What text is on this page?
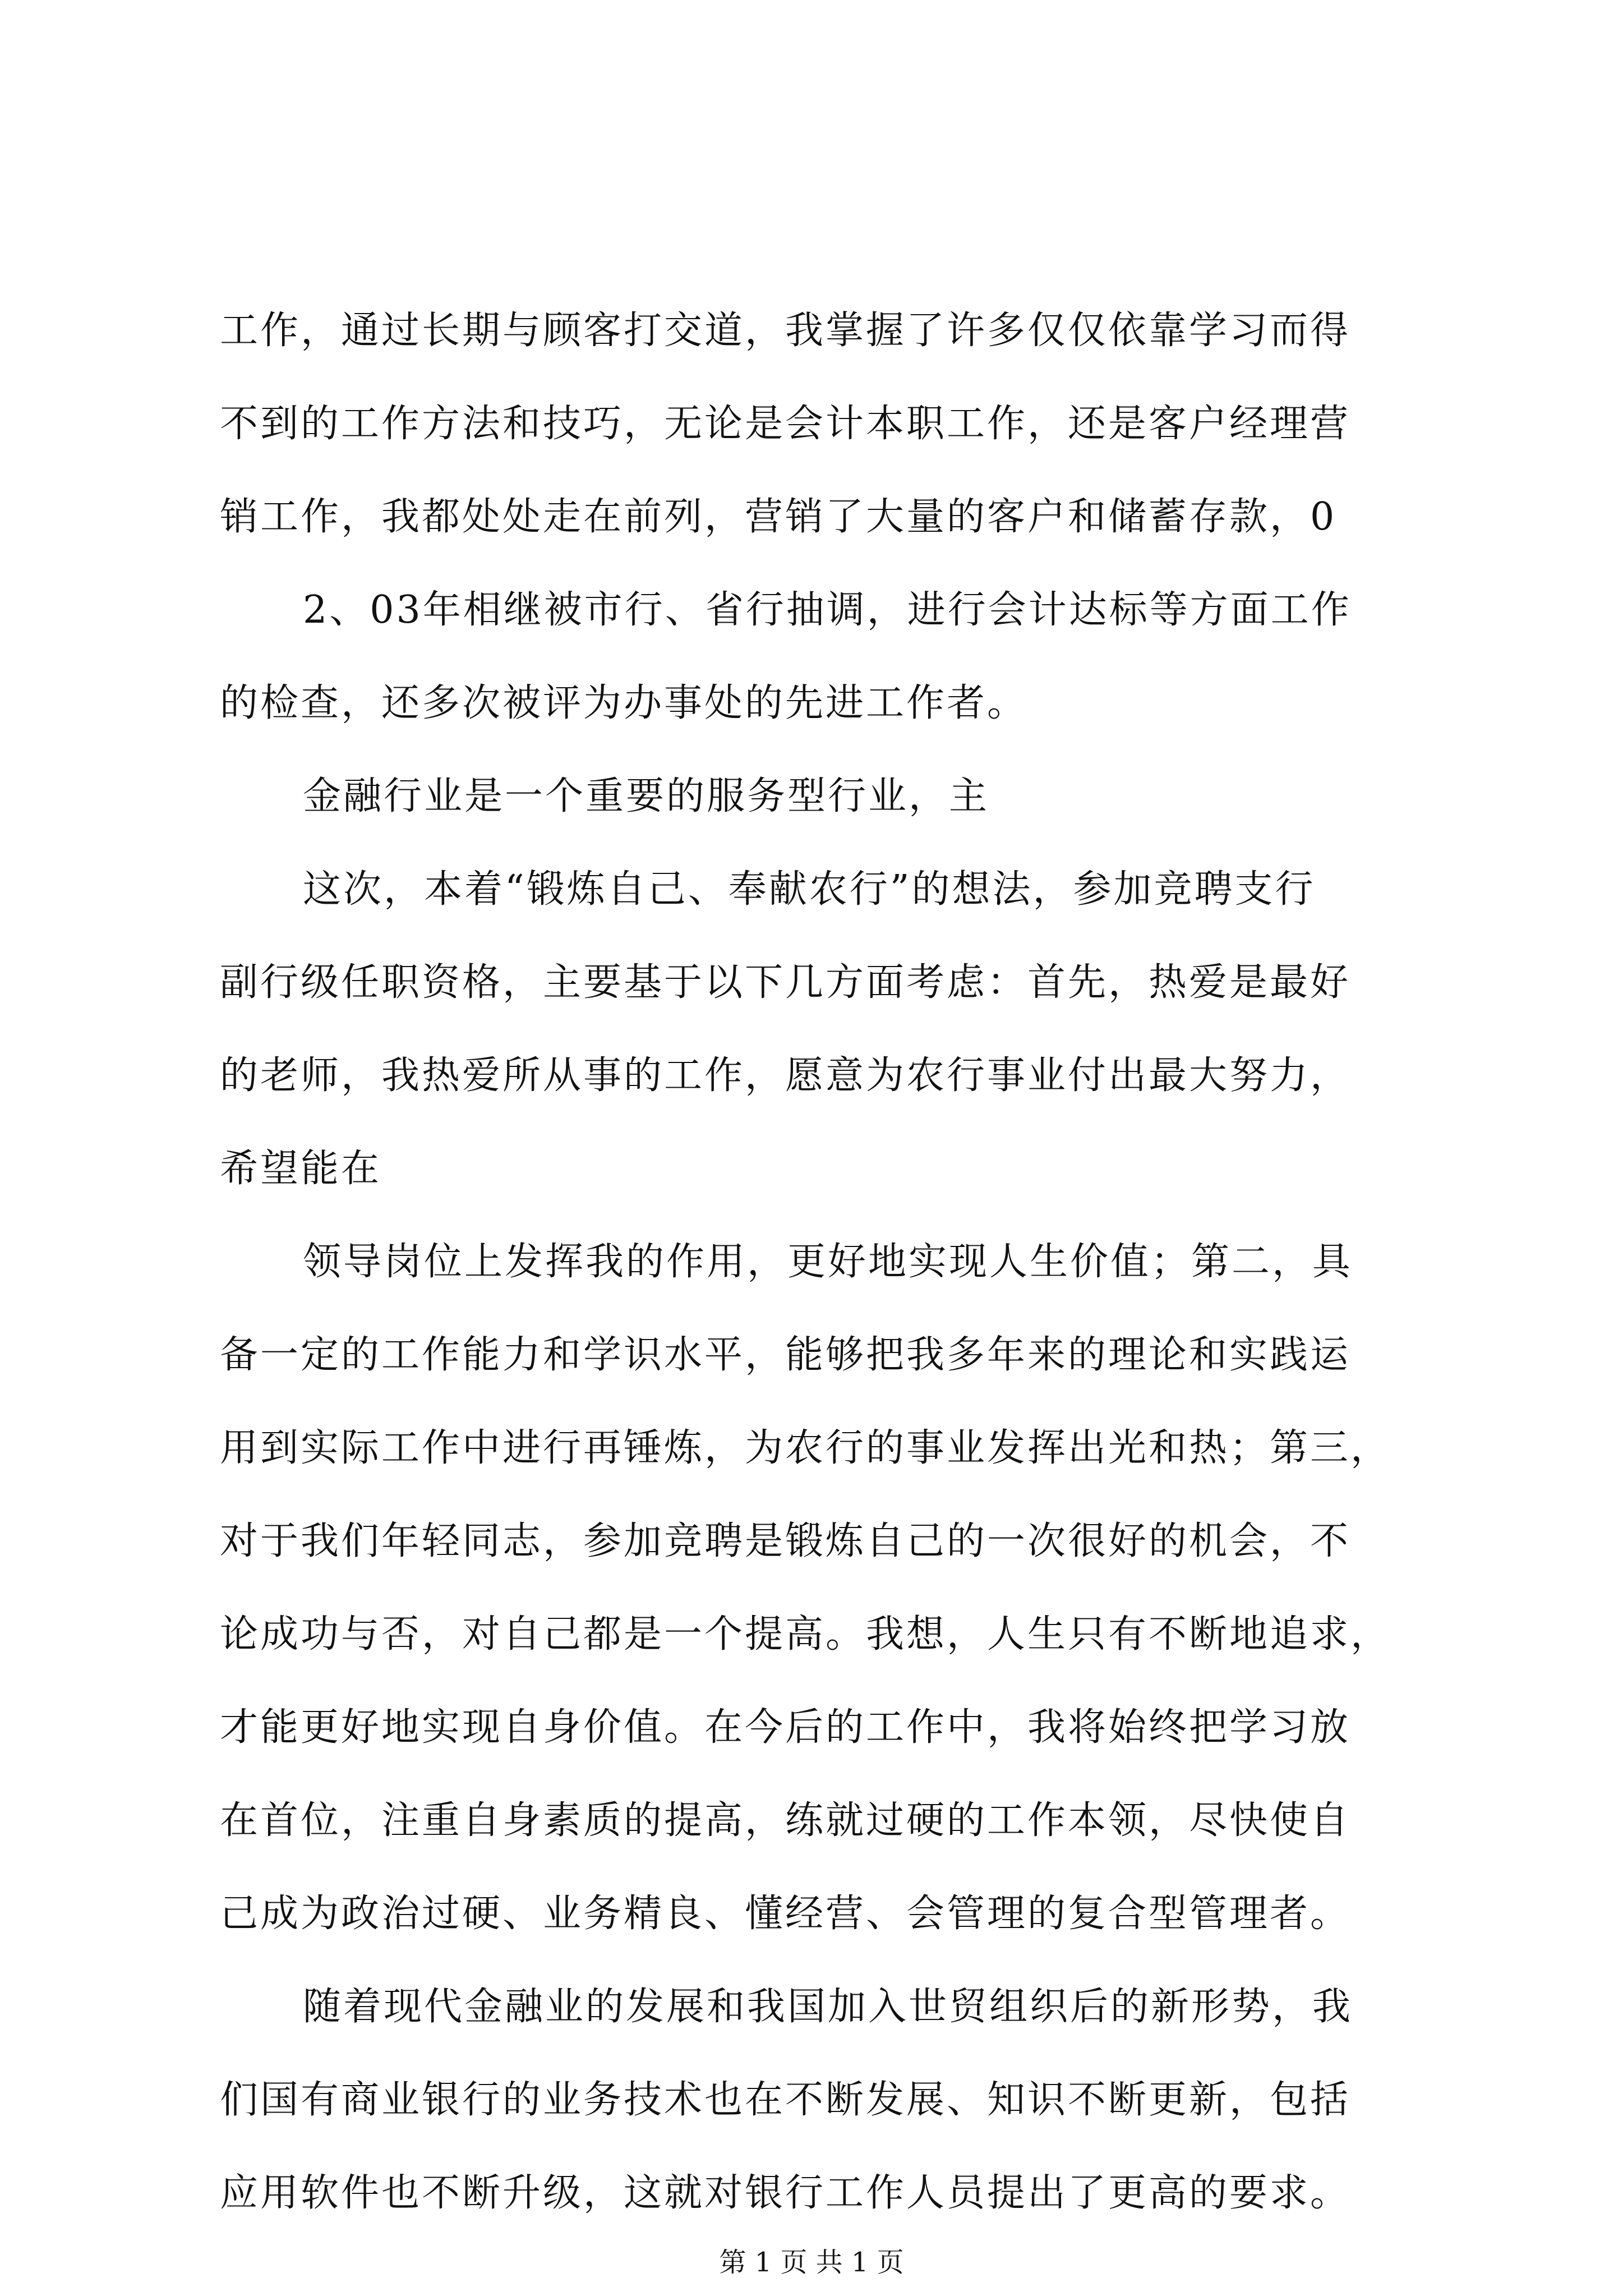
工作，通过长期与顾客打交道，我掌握了许多仅仅依靠学习而得
不到的工作方法和技巧，无论是会计本职工作，还是客户经理营
销工作，我都处处走在前列，营销了大量的客户和储蓄存款，0
2、03年相继被市行、省行抽调，进行会计达标等方面工作
的检查，还多次被评为办事处的先进工作者。
金融行业是一个重要的服务型行业，主
这次，本着“锻炼自己、奉献农行”的想法，参加竞聘支行
副行级任职资格，主要基于以下几方面考虑：首先，热爱是最好
的老师，我热爱所从事的工作，愿意为农行事业付出最大努力，
希望能在
领导岗位上发挥我的作用，更好地实现人生价值；第二，具
备一定的工作能力和学识水平，能够把我多年来的理论和实践运
用到实际工作中进行再锤炼，为农行的事业发挥出光和热；第三，
对于我们年轻同志，参加竞聘是锻炼自己的一次很好的机会，不
论成功与否，对自己都是一个提高。我想，人生只有不断地追求，
才能更好地实现自身价值。在今后的工作中，我将始终把学习放
在首位，注重自身素质的提高，练就过硬的工作本领，尽快使自
己成为政治过硬、业务精良、懂经营、会管理的复合型管理者。
随着现代金融业的发展和我国加入世贸组织后的新形势，我
们国有商业银行的业务技术也在不断发展、知识不断更新，包括
应用软件也不断升级，这就对银行工作人员提出了更高的要求。
第 1 页 共 1 页
